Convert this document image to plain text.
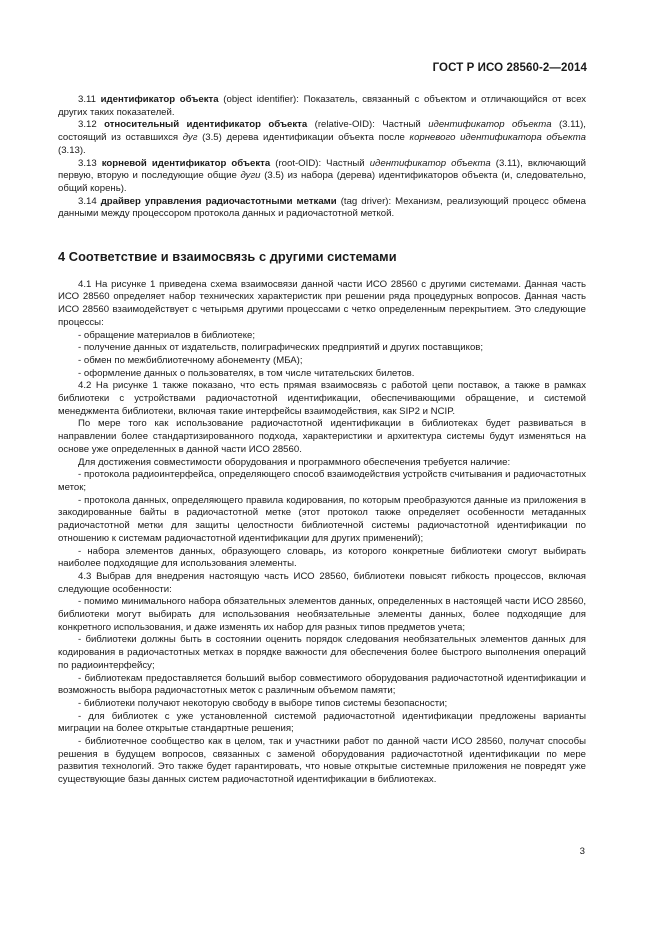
ГОСТ Р ИСО 28560-2—2014

3.11 идентификатор объекта (object identifier): Показатель, связанный с объектом и отличающийся от всех других таких показателей.

3.12 относительный идентификатор объекта (relative-OID): Частный идентификатор объекта (3.11), состоящий из оставшихся дуг (3.5) дерева идентификации объекта после корневого идентификатора объекта (3.13).

3.13 корневой идентификатор объекта (root-OID): Частный идентификатор объекта (3.11), включающий первую, вторую и последующие общие дуги (3.5) из набора (дерева) идентификаторов объекта (и, следовательно, общий корень).

3.14 драйвер управления радиочастотными метками (tag driver): Механизм, реализующий процесс обмена данными между процессором протокола данных и радиочастотной меткой.

4 Соответствие и взаимосвязь с другими системами

4.1 На рисунке 1 приведена схема взаимосвязи данной части ИСО 28560 с другими системами. Данная часть ИСО 28560 определяет набор технических характеристик при решении ряда процедурных вопросов. Данная часть ИСО 28560 взаимодействует с четырьмя другими процессами с четко определенным перекрытием. Это следующие процессы:

- обращение материалов в библиотеке;

- получение данных от издательств, полиграфических предприятий и других поставщиков;

- обмен по межбиблиотечному абонементу (МБА);

- оформление данных о пользователях, в том числе читательских билетов.

4.2 На рисунке 1 также показано, что есть прямая взаимосвязь с работой цепи поставок, а также в рамках библиотеки с устройствами радиочастотной идентификации, обеспечивающими обращение, и системой менеджмента библиотеки, включая такие интерфейсы взаимодействия, как SIP2 и NCIP.

По мере того как использование радиочастотной идентификации в библиотеках будет развиваться в направлении более стандартизированного подхода, характеристики и архитектура системы будут изменяться на основе уже определенных в данной части ИСО 28560.

Для достижения совместимости оборудования и программного обеспечения требуется наличие:

- протокола радиоинтерфейса, определяющего способ взаимодействия устройств считывания и радиочастотных меток;

- протокола данных, определяющего правила кодирования, по которым преобразуются данные из приложения в закодированные байты в радиочастотной метке (этот протокол также определяет особенности метаданных радиочастотной метки для защиты целостности библиотечной системы радиочастотной идентификации по отношению к системам радиочастотной идентификации для других применений);

- набора элементов данных, образующего словарь, из которого конкретные библиотеки смогут выбирать наиболее подходящие для использования элементы.

4.3 Выбрав для внедрения настоящую часть ИСО 28560, библиотеки повысят гибкость процессов, включая следующие особенности:

- помимо минимального набора обязательных элементов данных, определенных в настоящей части ИСО 28560, библиотеки могут выбирать для использования необязательные элементы данных, более подходящие для конкретного использования, и даже изменять их набор для разных типов предметов учета;

- библиотеки должны быть в состоянии оценить порядок следования необязательных элементов данных для кодирования в радиочастотных метках в порядке важности для обеспечения более быстрого выполнения операций по радиоинтерфейсу;

- библиотекам предоставляется больший выбор совместимого оборудования радиочастотной идентификации и возможность выбора радиочастотных меток с различным объемом памяти;

- библиотеки получают некоторую свободу в выборе типов системы безопасности;

- для библиотек с уже установленной системой радиочастотной идентификации предложены варианты миграции на более открытые стандартные решения;

- библиотечное сообщество как в целом, так и участники работ по данной части ИСО 28560, получат способы решения в будущем вопросов, связанных с заменой оборудования радиочастотной идентификации по мере развития технологий. Это также будет гарантировать, что новые открытые системные приложения не повредят уже существующие базы данных систем радиочастотной идентификации в библиотеках.

3
